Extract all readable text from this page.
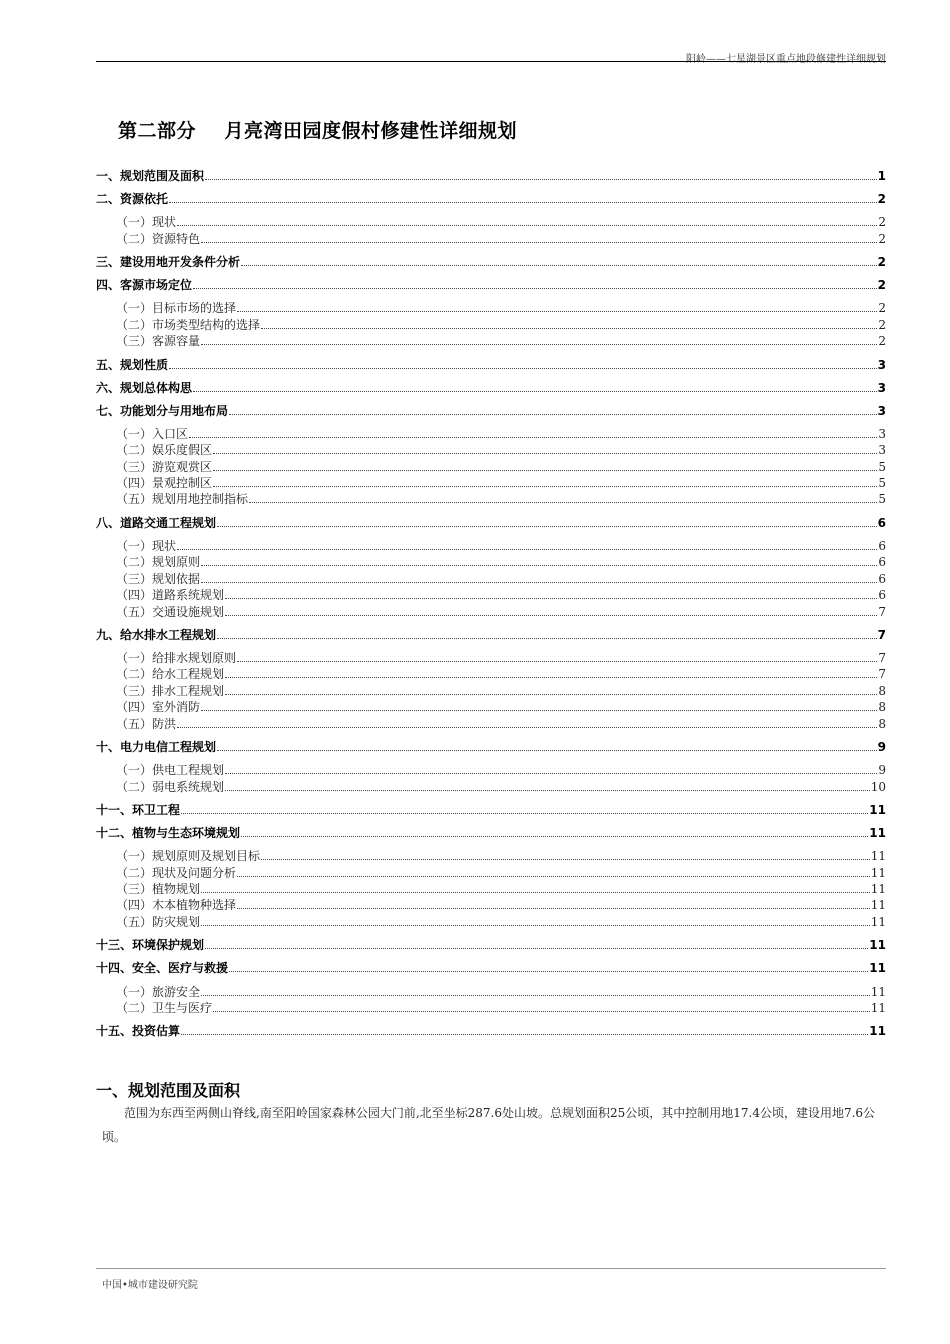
阳岭——七星湖景区重点地段修建性详细规划
第二部分    月亮湾田园度假村修建性详细规划
一、规划范围及面积	1
二、资源依托	2
（一）现状	2
（二）资源特色	2
三、建设用地开发条件分析	2
四、客源市场定位	2
（一）目标市场的选择	2
（二）市场类型结构的选择	2
（三）客源容量	2
五、规划性质	3
六、规划总体构思	3
七、功能划分与用地布局	3
（一）入口区	3
（二）娱乐度假区	3
（三）游览观赏区	5
（四）景观控制区	5
（五）规划用地控制指标	5
八、道路交通工程规划	6
（一）现状	6
（二）规划原则	6
（三）规划依据	6
（四）道路系统规划	6
（五）交通设施规划	7
九、给水排水工程规划	7
（一）给排水规划原则	7
（二）给水工程规划	7
（三）排水工程规划	8
（四）室外消防	8
（五）防洪	8
十、电力电信工程规划	9
（一）供电工程规划	9
（二）弱电系统规划	10
十一、环卫工程	11
十二、植物与生态环境规划	11
（一）规划原则及规划目标	11
（二）现状及问题分析	11
（三）植物规划	11
（四）木本植物种选择	11
（五）防灾规划	11
十三、环境保护规划	11
十四、安全、医疗与救援	11
（一）旅游安全	11
（二）卫生与医疗	11
十五、投资估算	11
一、规划范围及面积
范围为东西至两侧山脊线,南至阳岭国家森林公园大门前,北至坐标287.6处山坡。总规划面积25公顷，其中控制用地17.4公顷，建设用地7.6公顷。
中国•城市建设研究院
